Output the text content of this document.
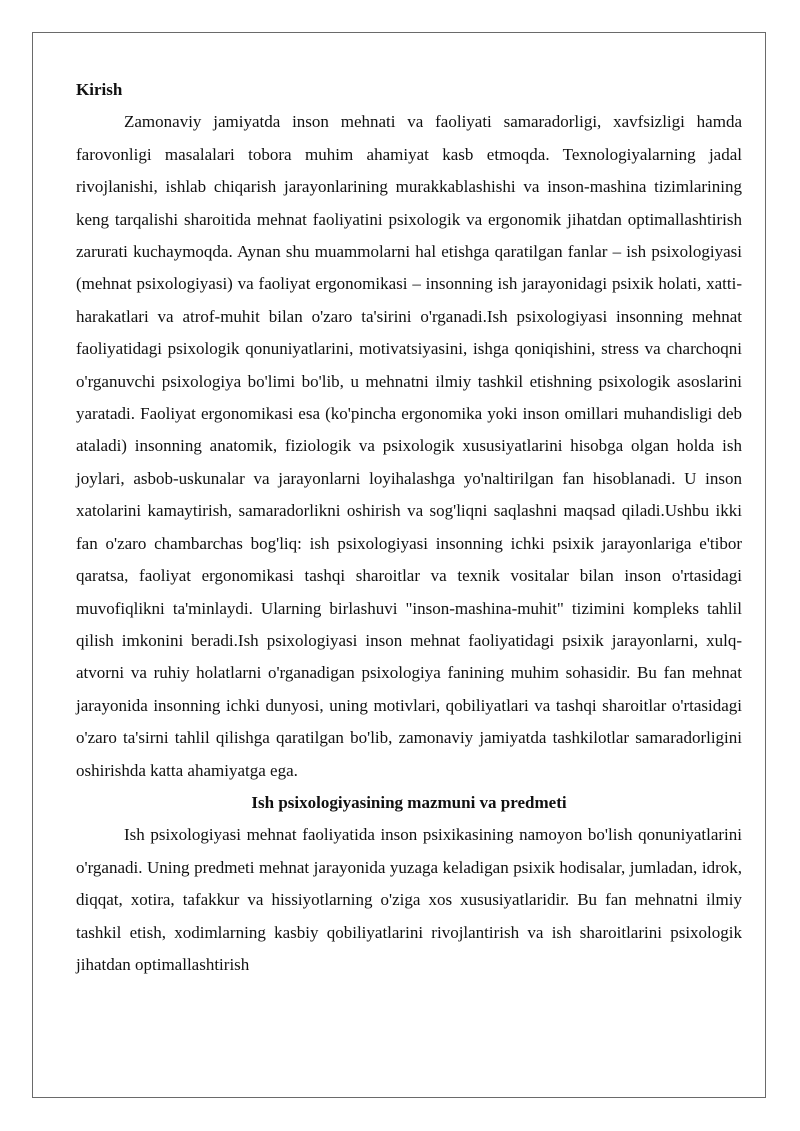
Kirish

Zamonaviy jamiyatda inson mehnati va faoliyati samaradorligi, xavfsizligi hamda farovonligi masalalari tobora muhim ahamiyat kasb etmoqda. Texnologiyalarning jadal rivojlanishi, ishlab chiqarish jarayonlarining murakkablashishi va inson-mashina tizimlarining keng tarqalishi sharoitida mehnat faoliyatini psixologik va ergonomik jihatdan optimallashtirish zarurati kuchaymoqda. Aynan shu muammolarni hal etishga qaratilgan fanlar – ish psixologiyasi (mehnat psixologiyasi) va faoliyat ergonomikasi – insonning ish jarayonidagi psixik holati, xatti-harakatlari va atrof-muhit bilan o'zaro ta'sirini o'rganadi.Ish psixologiyasi insonning mehnat faoliyatidagi psixologik qonuniyatlarini, motivatsiyasini, ishga qoniqishini, stress va charchoqni o'rganuvchi psixologiya bo'limi bo'lib, u mehnatni ilmiy tashkil etishning psixologik asoslarini yaratadi. Faoliyat ergonomikasi esa (ko'pincha ergonomika yoki inson omillari muhandisligi deb ataladi) insonning anatomik, fiziologik va psixologik xususiyatlarini hisobga olgan holda ish joylari, asbob-uskunalar va jarayonlarni loyihalashga yo'naltirilgan fan hisoblanadi. U inson xatolarini kamaytirish, samaradorlikni oshirish va sog'liqni saqlashni maqsad qiladi.Ushbu ikki fan o'zaro chambarchas bog'liq: ish psixologiyasi insonning ichki psixik jarayonlariga e'tibor qaratsa, faoliyat ergonomikasi tashqi sharoitlar va texnik vositalar bilan inson o'rtasidagi muvofiqlikni ta'minlaydi. Ularning birlashuvi "inson-mashina-muhit" tizimini kompleks tahlil qilish imkonini beradi.Ish psixologiyasi inson mehnat faoliyatidagi psixik jarayonlarni, xulq-atvorni va ruhiy holatlarni o'rganadigan psixologiya fanining muhim sohasidir. Bu fan mehnat jarayonida insonning ichki dunyosi, uning motivlari, qobiliyatlari va tashqi sharoitlar o'rtasidagi o'zaro ta'sirni tahlil qilishga qaratilgan bo'lib, zamonaviy jamiyatda tashkilotlar samaradorligini oshirishda katta ahamiyatga ega.

Ish psixologiyasining mazmuni va predmeti

Ish psixologiyasi mehnat faoliyatida inson psixikasining namoyon bo'lish qonuniyatlarini o'rganadi. Uning predmeti mehnat jarayonida yuzaga keladigan psixik hodisalar, jumladan, idrok, diqqat, xotira, tafakkur va hissiyotlarning o'ziga xos xususiyatlaridir. Bu fan mehnatni ilmiy tashkil etish, xodimlarning kasbiy qobiliyatlarini rivojlantirish va ish sharoitlarini psixologik jihatdan optimallashtirish
